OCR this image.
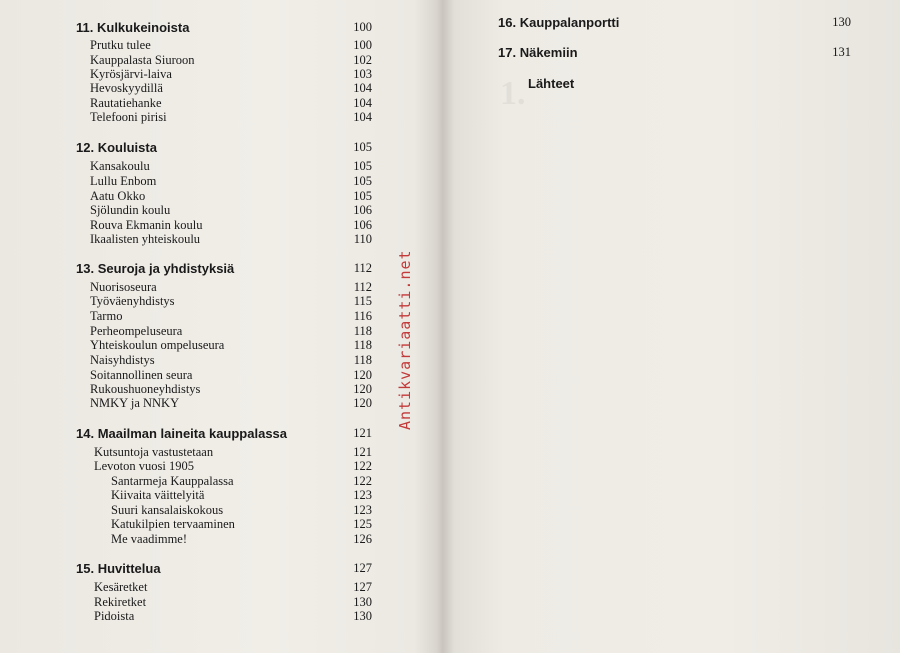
11. Kulkukeinoista	100
Prutku tulee	100
Kauppalasta Siuroon	102
Kyrösjärvi-laiva	103
Hevoskyydillä	104
Rautatiehanke	104
Telefooni pirisi	104
12. Kouluista	105
Kansakoulu	105
Lullu Enbom	105
Aatu Okko	105
Sjölundin koulu	106
Rouva Ekmanin koulu	106
Ikaalisten yhteiskoulu	110
13. Seuroja ja yhdistyksiä	112
Nuorisoseura	112
Työväenyhdistys	115
Tarmo	116
Perheompeluseura	118
Yhteiskoulun ompeluseura	118
Naisyhdistys	118
Soitannollinen seura	120
Rukoushuoneyhdistys	120
NMKY ja NNKY	120
14. Maailman laineita kauppalassa	121
Kutsuntoja vastustetaan	121
Levoton vuosi 1905	122
Santarmeja Kauppalassa	122
Kiivaita väittelyitä	123
Suuri kansalaiskokous	123
Katukilpien tervaaminen	125
Me vaadimme!	126
15. Huvittelua	127
Kesäretket	127
Rekiretket	130
Pidoista	130
Antikvariaatti.net
1.
16. Kauppalanportti	130
17. Näkemiin	131
Lähteet
